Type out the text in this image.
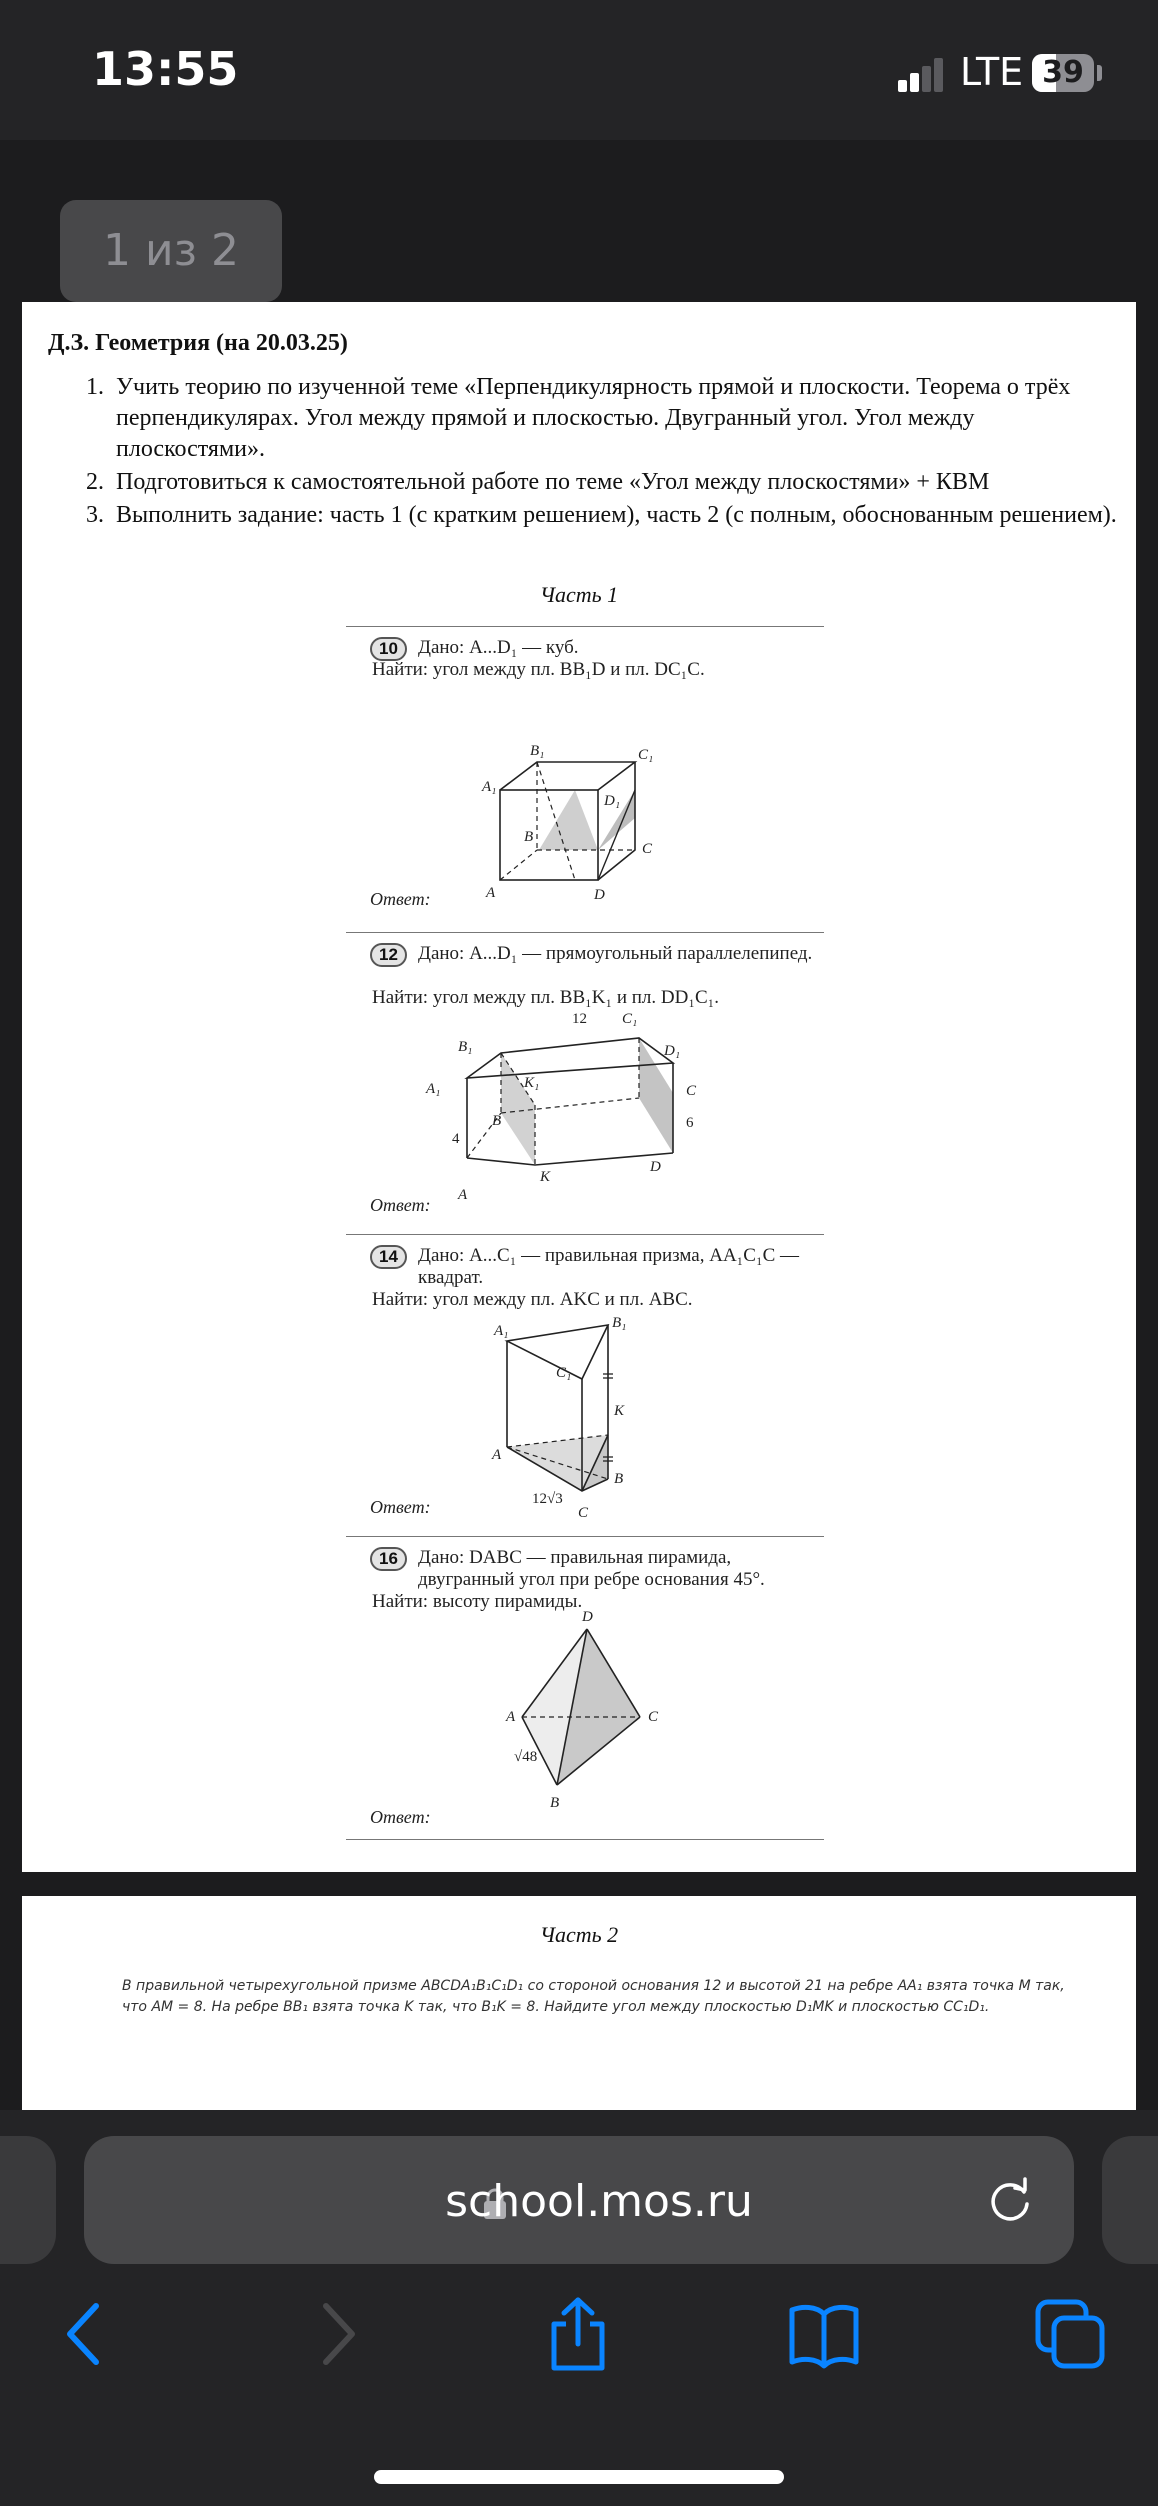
13:55	LTE 39
1 из 2
Д.З. Геометрия (на 20.03.25)
1. Учить теорию по изученной теме «Перпендикулярность прямой и плоскости. Теорема о трёх перпендикулярах. Угол между прямой и плоскостью. Двугранный угол. Угол между плоскостями».
2. Подготовиться к самостоятельной работе по теме «Угол между плоскостями» + КВМ
3. Выполнить задание: часть 1 (с кратким решением), часть 2 (с полным, обоснованным решением).
Часть 1
10	Дано: A...D₁ — куб.
Найти: угол между пл. BB₁D и пл. DC₁C.
Ответ:
B₁	C₁
A₁
D₁
B
C
A	D
12	Дано: A...D₁ — прямоугольный параллелепипед.
Найти: угол между пл. BB₁K₁ и пл. DD₁C₁.
Ответ:
B₁
C₁
D₁
K₁
12
C
6
D
B
K
4
A
A₁
14	Дано: A...C₁ — правильная призма, AA₁C₁C — квадрат.
Найти: угол между пл. AKC и пл. ABC.
Ответ:
A₁	B₁
C₁
K
B
A
12√3
C
16	Дано: DABC — правильная пирамида, двугранный угол при ребре основания 45°.
Найти: высоту пирамиды.
Ответ:
D
A	C
√48
B
Часть 2
В правильной четырехугольной призме ABCDA₁B₁C₁D₁ со стороной основания 12 и высотой 21 на ребре AA₁ взята точка M так, что AM = 8. На ребре BB₁ взята точка K так, что B₁K = 8. Найдите угол между плоскостью D₁MK и плоскостью CC₁D₁.
school.mos.ru
